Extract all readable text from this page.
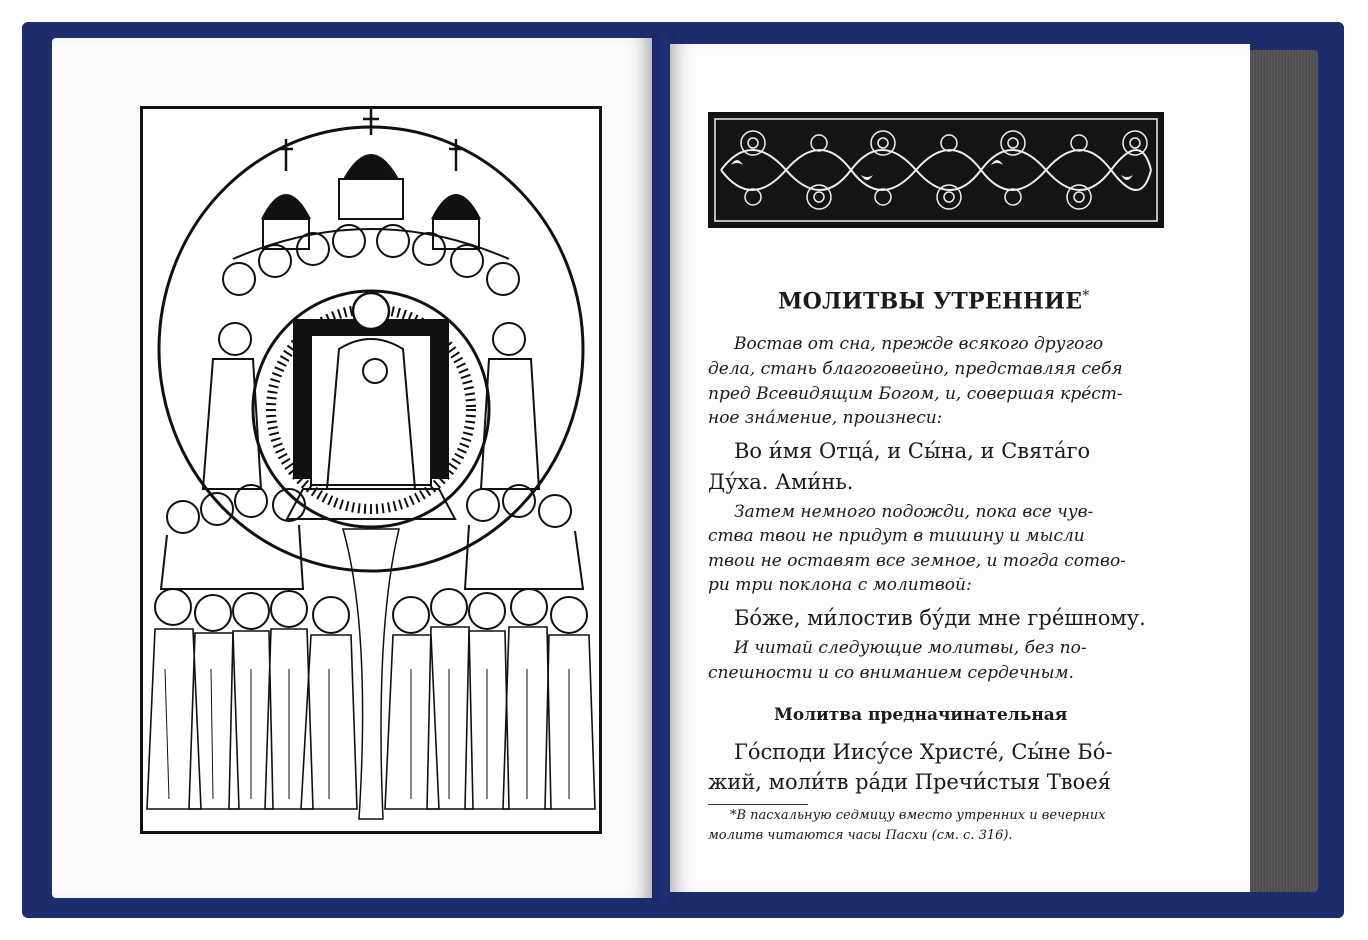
МОЛИТВЫ УТРЕННИЕ*
Востав от сна, прежде всякого другого
дела, стань благоговейно, представляя себя
пред Всевидящим Богом, и, совершая кре́ст-
ное зна́мение, произнеси:
Во и́мя Отца́, и Сы́на, и Свята́го
Ду́ха. Ами́нь.
Затем немного подожди, пока все чув-
ства твои не придут в тишину и мысли
твои не оставят все земное, и тогда сотво-
ри три поклона с молитвой:
Бо́же, ми́лостив бу́ди мне гре́шному.
И читай следующие молитвы, без по-
спешности и со вниманием сердечным.
Молитва предначинательная
Го́споди Иису́се Христе́, Сы́не Бо́-
жий, моли́тв ра́ди Пречи́стыя Твоея́
*В пасхальную седмицу вместо утренних и вечерних
молитв читаются часы Пасхи (см. с. 316).
